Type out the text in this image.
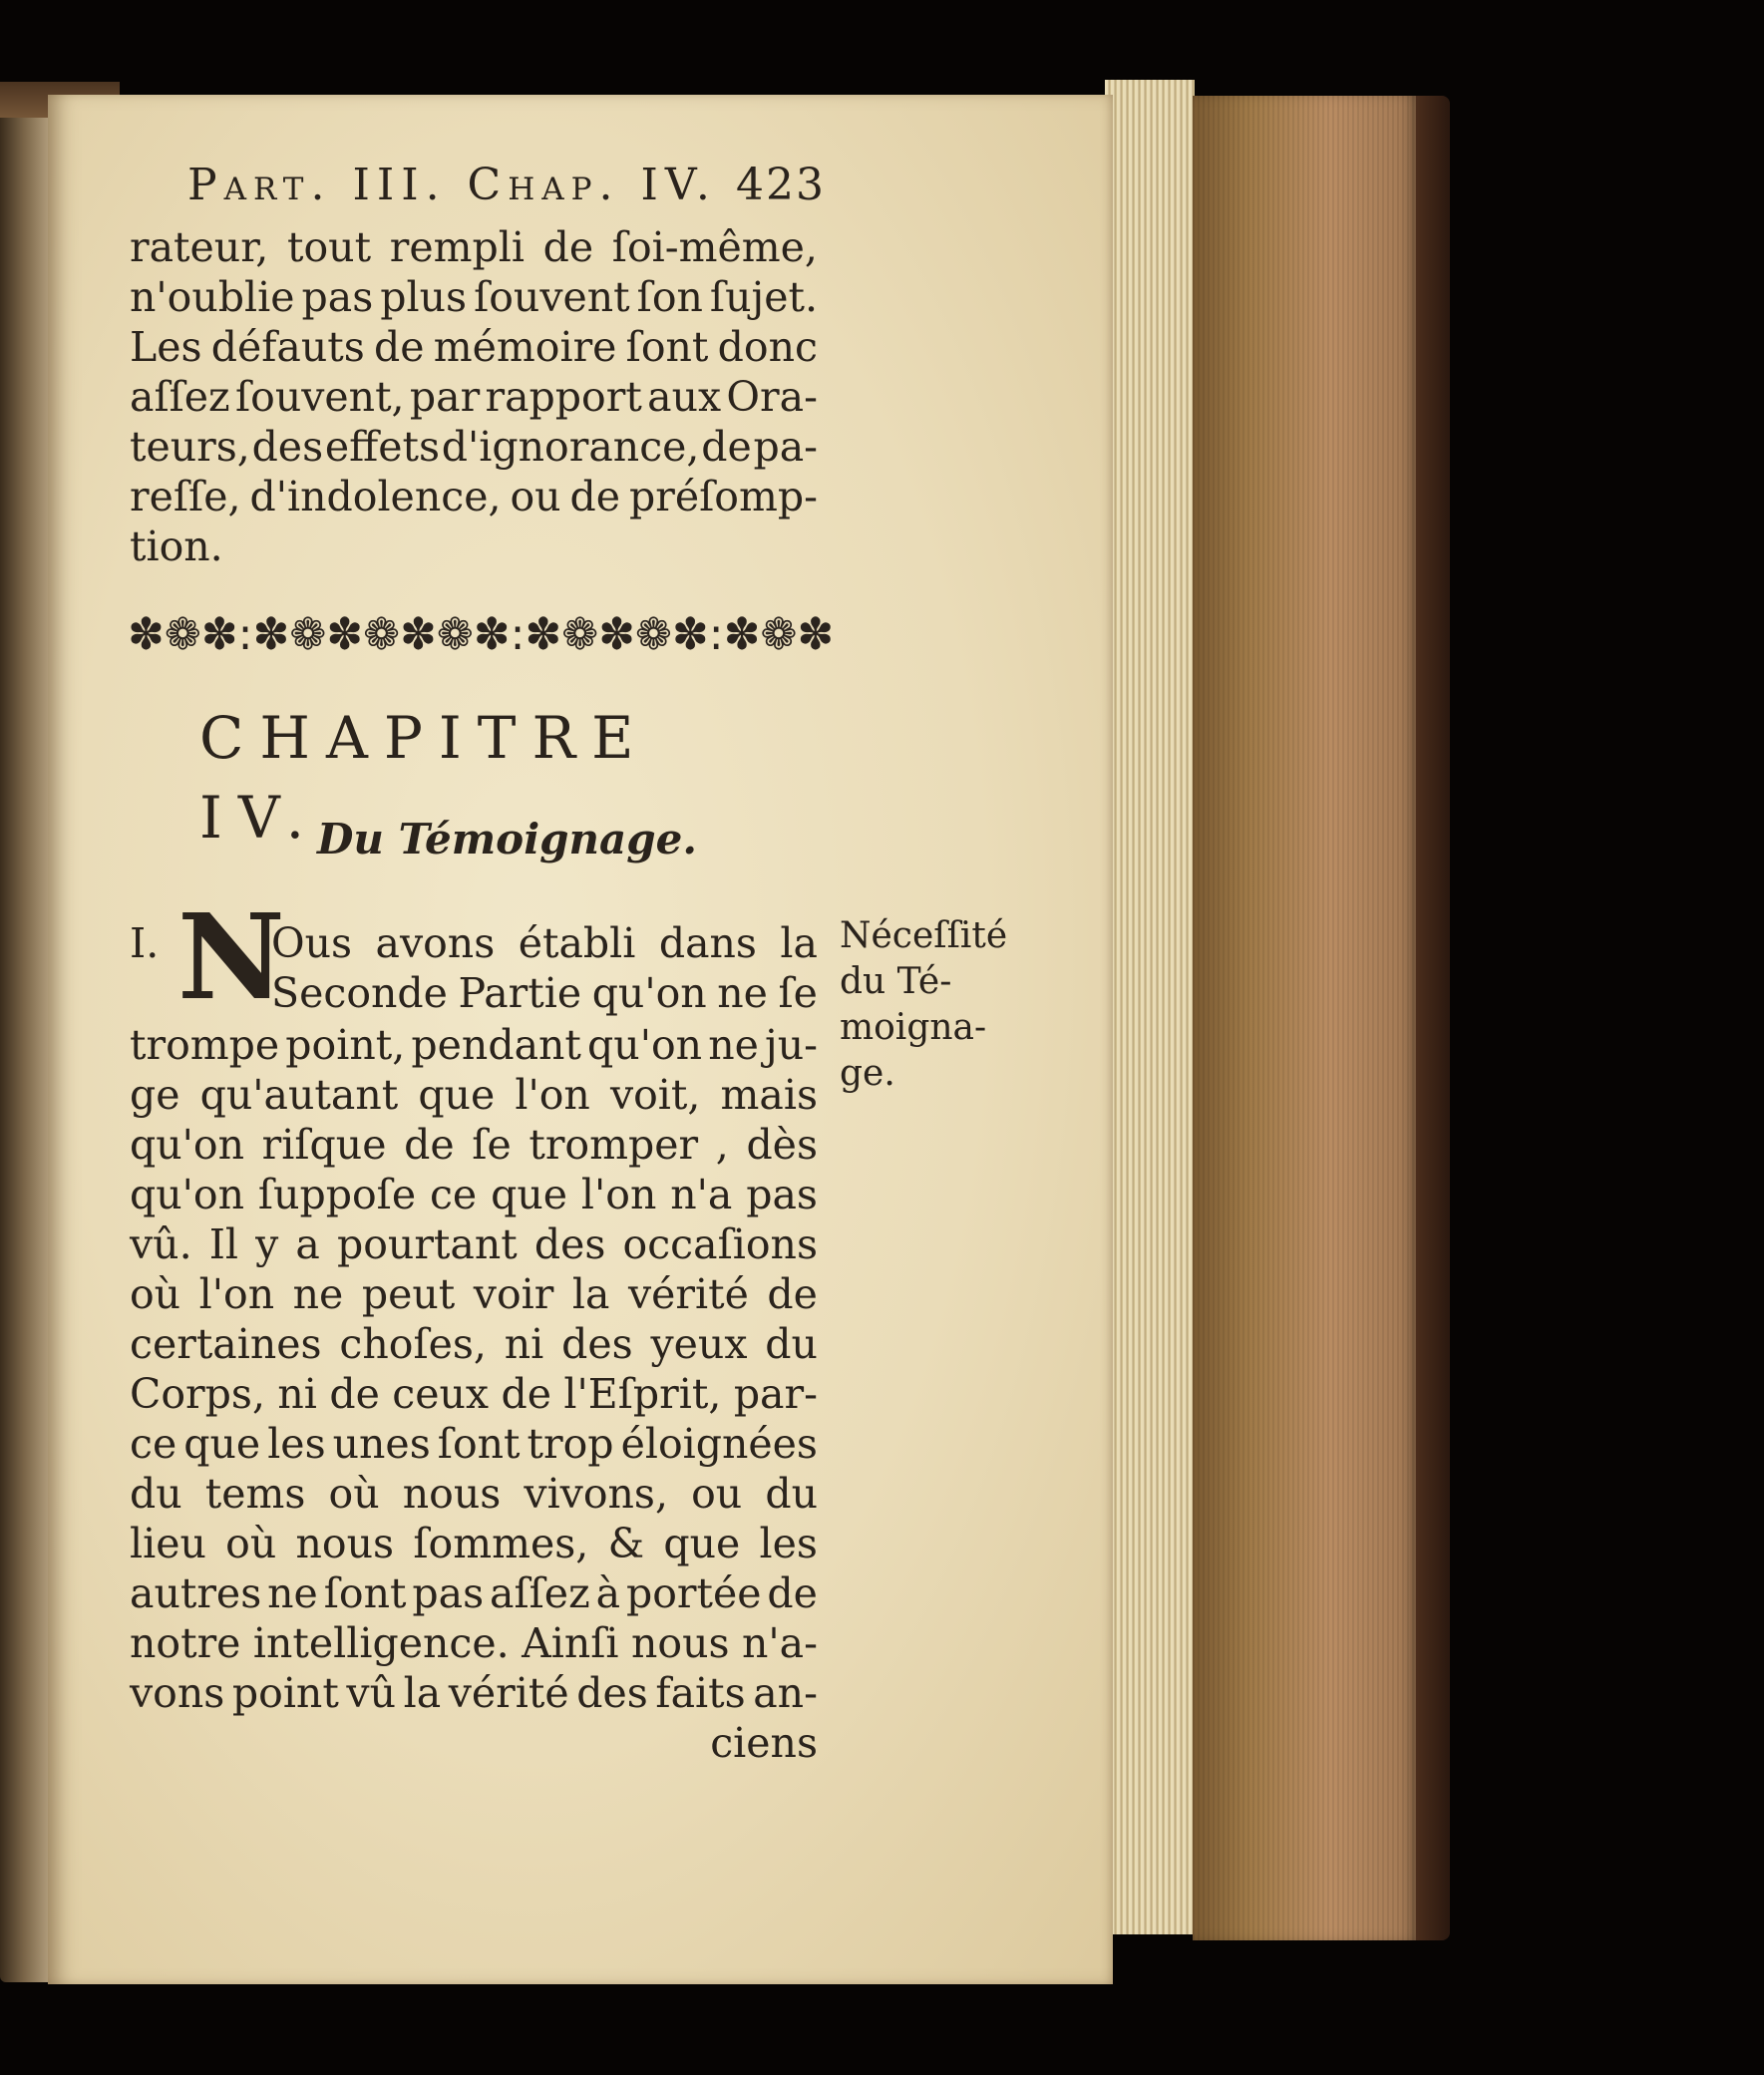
Part. III. Chap. IV. 423
rateur, tout rempli de ſoi-même,
n'oublie pas plus ſouvent ſon ſujet.
Les défauts de mémoire ſont donc
aſſez ſouvent, par rapport aux Ora-
teurs, des effets d'ignorance, de pa-
reſſe, d'indolence, ou de préſomp-
tion.
✽ ❁ ✽ : ✽ ❁ ✽ ❁ ✽ ❁ ✽ : ✽ ❁ ✽ ❁ ✽ : ✽ ❁ ✽
CHAPITRE IV.
Du Témoignage.
I. N
Ous avons établi dans la
Seconde Partie qu'on ne ſe
trompe point, pendant qu'on ne ju-
ge qu'autant que l'on voit, mais
qu'on riſque de ſe tromper , dès
qu'on ſuppoſe ce que l'on n'a pas
vû. Il y a pourtant des occaſions
où l'on ne peut voir la vérité de
certaines choſes, ni des yeux du
Corps, ni de ceux de l'Eſprit, par-
ce que les unes ſont trop éloignées
du tems où nous vivons, ou du
lieu où nous ſommes, & que les
autres ne ſont pas aſſez à portée de
notre intelligence. Ainſi nous n'a-
vons point vû la vérité des faits an-
ciens
Néceſſité
du Té-
moigna-
ge.
